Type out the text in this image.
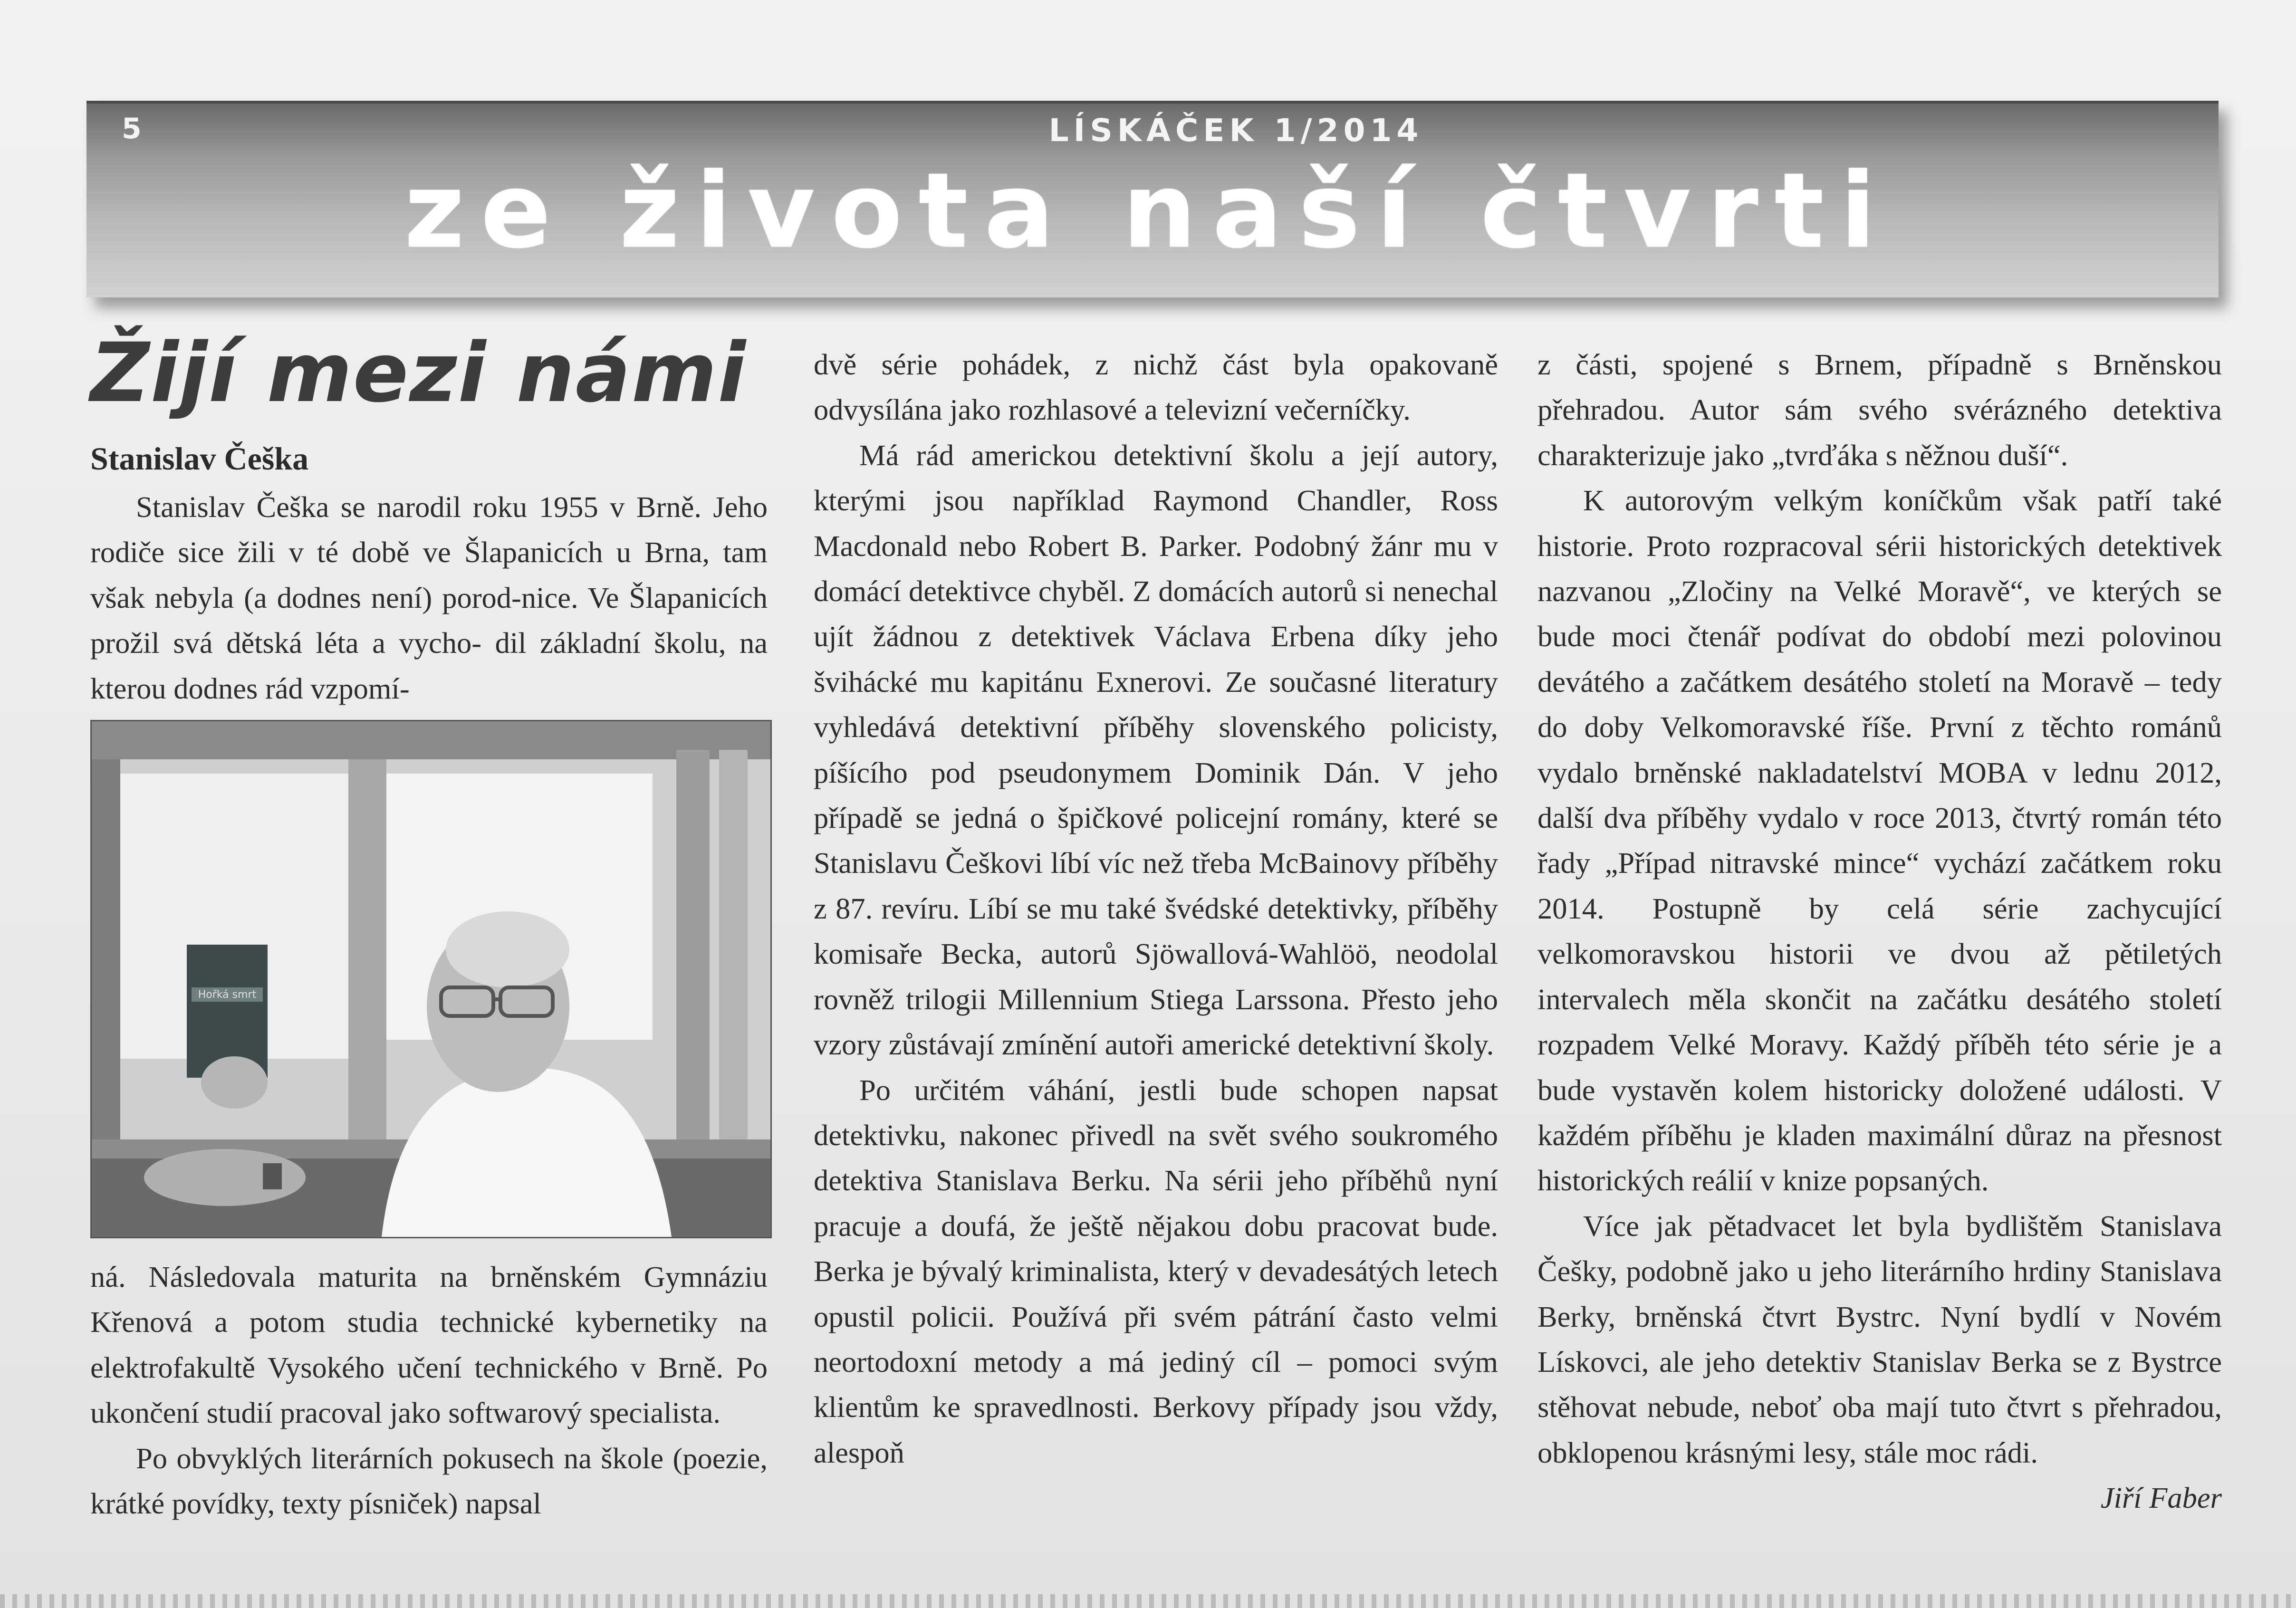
5	LÍSKÁČEK 1/2014
ze života naší čtvrti
Žijí mezi námi
Stanislav Češka

Stanislav Češka se narodil roku 1955 v Brně. Jeho rodiče sice žili v té době ve Šlapanicích u Brna, tam však nebyla (a dodnes není) porod-nice. Ve Šlapanicích prožil svá dětská léta a vycho- dil základní školu, na kterou dodnes rád vzpomí-

Hořká smrt

ná. Následovala maturita na brněnském Gymnáziu Křenová a potom studia technické kybernetiky na elektrofakultě Vysokého učení technického v Brně. Po ukončení studií pracoval jako softwarový specialista.

Po obvyklých literárních pokusech na škole (poezie, krátké povídky, texty písniček) napsal

dvě série pohádek, z nichž část byla opakovaně odvysílána jako rozhlasové a televizní večerníčky.

Má rád americkou detektivní školu a její autory, kterými jsou například Raymond Chandler, Ross Macdonald nebo Robert B. Parker. Podobný žánr mu v domácí detektivce chyběl. Z domácích autorů si nenechal ujít žádnou z detektivek Václava Erbena díky jeho švihácké mu kapitánu Exnerovi. Ze současné literatury vyhledává detektivní příběhy slovenského policisty, píšícího pod pseudonymem Dominik Dán. V jeho případě se jedná o špičkové policejní romány, které se Stanislavu Češkovi líbí víc než třeba McBainovy příběhy z 87. revíru. Líbí se mu také švédské detektivky, příběhy komisaře Becka, autorů Sjöwallová-Wahlöö, neodolal rovněž trilogii Millennium Stiega Larssona. Přesto jeho vzory zůstávají zmínění autoři americké detektivní školy.

Po určitém váhání, jestli bude schopen napsat detektivku, nakonec přivedl na svět svého soukromého detektiva Stanislava Berku. Na sérii jeho příběhů nyní pracuje a doufá, že ještě nějakou dobu pracovat bude. Berka je bývalý kriminalista, který v devadesátých letech opustil policii. Používá při svém pátrání často velmi neortodoxní metody a má jediný cíl – pomoci svým klientům ke spravedlnosti. Berkovy případy jsou vždy, alespoň

z části, spojené s Brnem, případně s Brněnskou přehradou. Autor sám svého svérázného detektiva charakterizuje jako „tvrďáka s něžnou duší“.

K autorovým velkým koníčkům však patří také historie. Proto rozpracoval sérii historických detektivek nazvanou „Zločiny na Velké Moravě“, ve kterých se bude moci čtenář podívat do období mezi polovinou devátého a začátkem desátého století na Moravě – tedy do doby Velkomoravské říše. První z těchto románů vydalo brněnské nakladatelství MOBA v lednu 2012, další dva příběhy vydalo v roce 2013, čtvrtý román této řady „Případ nitravské mince“ vychází začátkem roku 2014. Postupně by celá série zachycující velkomoravskou historii ve dvou až pětiletých intervalech měla skončit na začátku desátého století rozpadem Velké Moravy. Každý příběh této série je a bude vystavěn kolem historicky doložené události. V každém příběhu je kladen maximální důraz na přesnost historických reálií v knize popsaných.

Více jak pětadvacet let byla bydlištěm Stanislava Češky, podobně jako u jeho literárního hrdiny Stanislava Berky, brněnská čtvrt Bystrc. Nyní bydlí v Novém Lískovci, ale jeho detektiv Stanislav Berka se z Bystrce stěhovat nebude, neboť oba mají tuto čtvrt s přehradou, obklopenou krásnými lesy, stále moc rádi.

Jiří Faber
